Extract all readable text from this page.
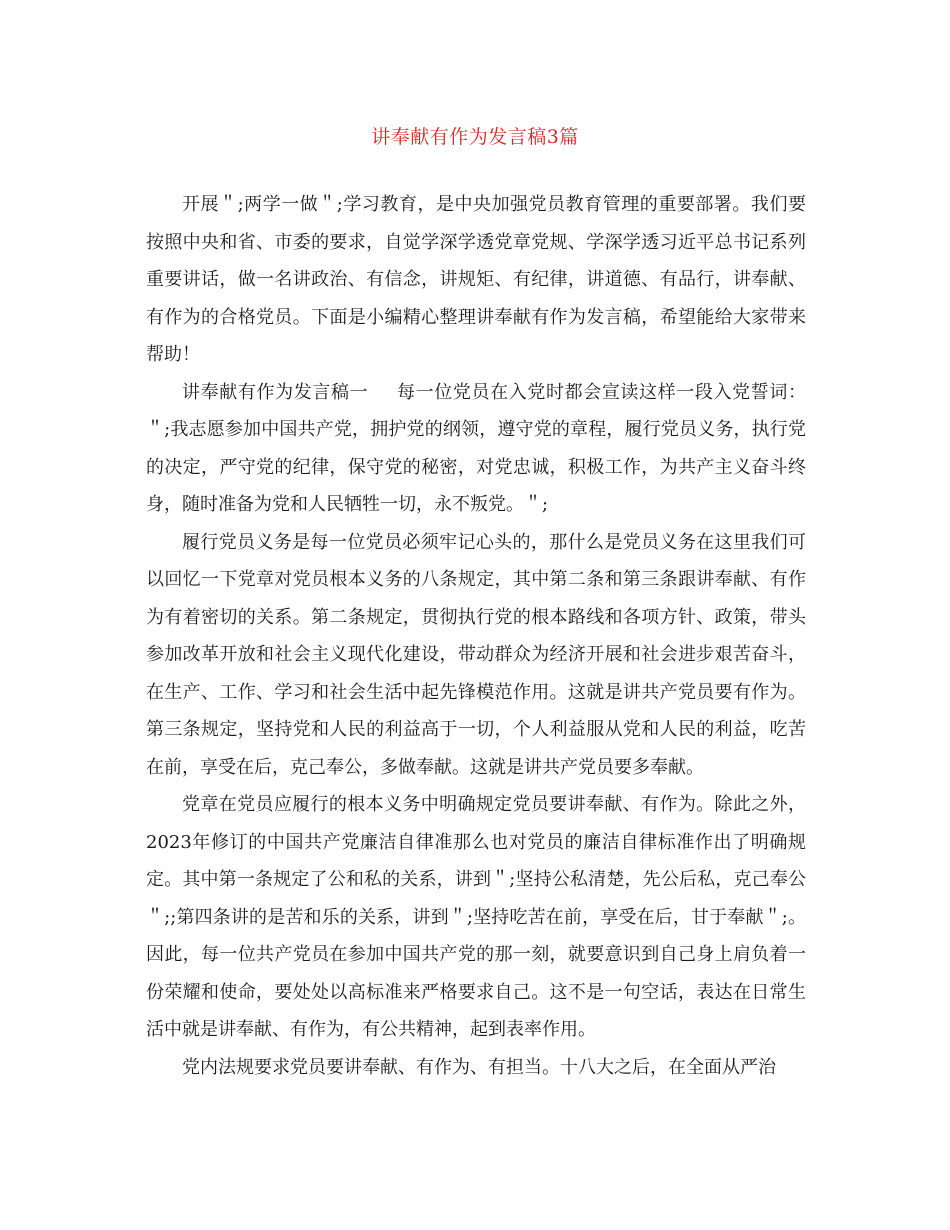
讲奉献有作为发言稿3篇

开展＂;两学一做＂;学习教育，是中央加强党员教育管理的重要部署。我们要按照中央和省、市委的要求，自觉学深学透党章党规、学深学透习近平总书记系列重要讲话，做一名讲政治、有信念，讲规矩、有纪律，讲道德、有品行，讲奉献、有作为的合格党员。下面是小编精心整理讲奉献有作为发言稿，希望能给大家带来帮助！

讲奉献有作为发言稿一 每一位党员在入党时都会宣读这样一段入党誓词：＂;我志愿参加中国共产党，拥护党的纲领，遵守党的章程，履行党员义务，执行党的决定，严守党的纪律，保守党的秘密，对党忠诚，积极工作，为共产主义奋斗终身，随时准备为党和人民牺牲一切，永不叛党。＂;

履行党员义务是每一位党员必须牢记心头的，那什么是党员义务在这里我们可以回忆一下党章对党员根本义务的八条规定，其中第二条和第三条跟讲奉献、有作为有着密切的关系。第二条规定，贯彻执行党的根本路线和各项方针、政策，带头参加改革开放和社会主义现代化建设，带动群众为经济开展和社会进步艰苦奋斗，在生产、工作、学习和社会生活中起先锋模范作用。这就是讲共产党员要有作为。第三条规定，坚持党和人民的利益高于一切，个人利益服从党和人民的利益，吃苦在前，享受在后，克己奉公，多做奉献。这就是讲共产党员要多奉献。

党章在党员应履行的根本义务中明确规定党员要讲奉献、有作为。除此之外，2023年修订的中国共产党廉洁自律准那么也对党员的廉洁自律标准作出了明确规定。其中第一条规定了公和私的关系，讲到＂;坚持公私清楚，先公后私，克己奉公＂;;第四条讲的是苦和乐的关系，讲到＂;坚持吃苦在前，享受在后，甘于奉献＂;。因此，每一位共产党员在参加中国共产党的那一刻，就要意识到自己身上肩负着一份荣耀和使命，要处处以高标准来严格要求自己。这不是一句空话，表达在日常生活中就是讲奉献、有作为，有公共精神，起到表率作用。

党内法规要求党员要讲奉献、有作为、有担当。十八大之后，在全面从严治
